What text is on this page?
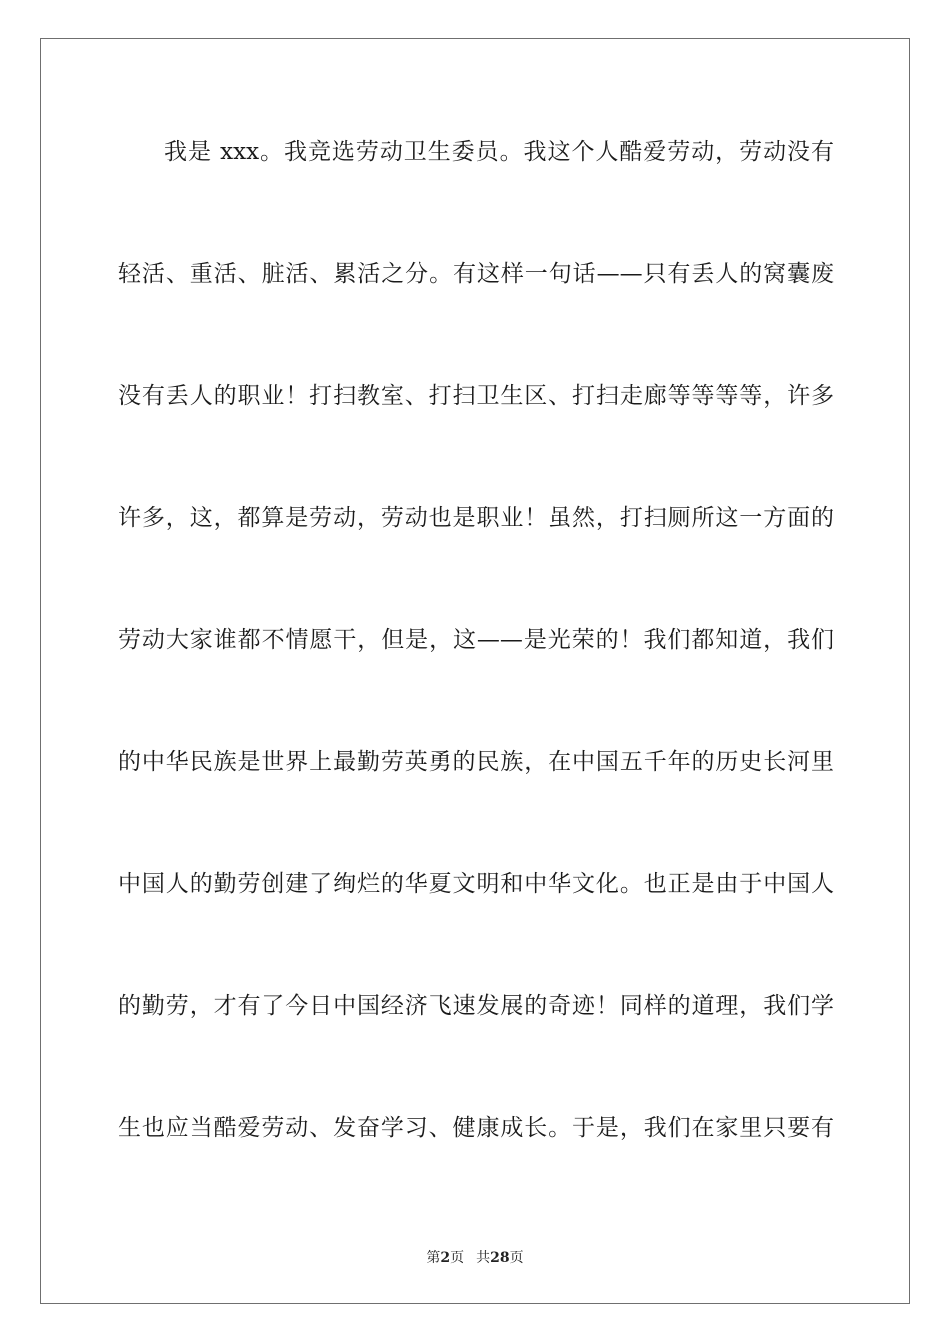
我是 xxx。我竞选劳动卫生委员。我这个人酷爱劳动，劳动没有
轻活、重活、脏活、累活之分。有这样一句话——只有丢人的窝囊废
没有丢人的职业！打扫教室、打扫卫生区、打扫走廊等等等等，许多
许多，这，都算是劳动，劳动也是职业！虽然，打扫厕所这一方面的
劳动大家谁都不情愿干，但是，这——是光荣的！我们都知道，我们
的中华民族是世界上最勤劳英勇的民族，在中国五千年的历史长河里
中国人的勤劳创建了绚烂的华夏文明和中华文化。也正是由于中国人
的勤劳，才有了今日中国经济飞速发展的奇迹！同样的道理，我们学
生也应当酷爱劳动、发奋学习、健康成长。于是，我们在家里只要有
第2页 共28页
